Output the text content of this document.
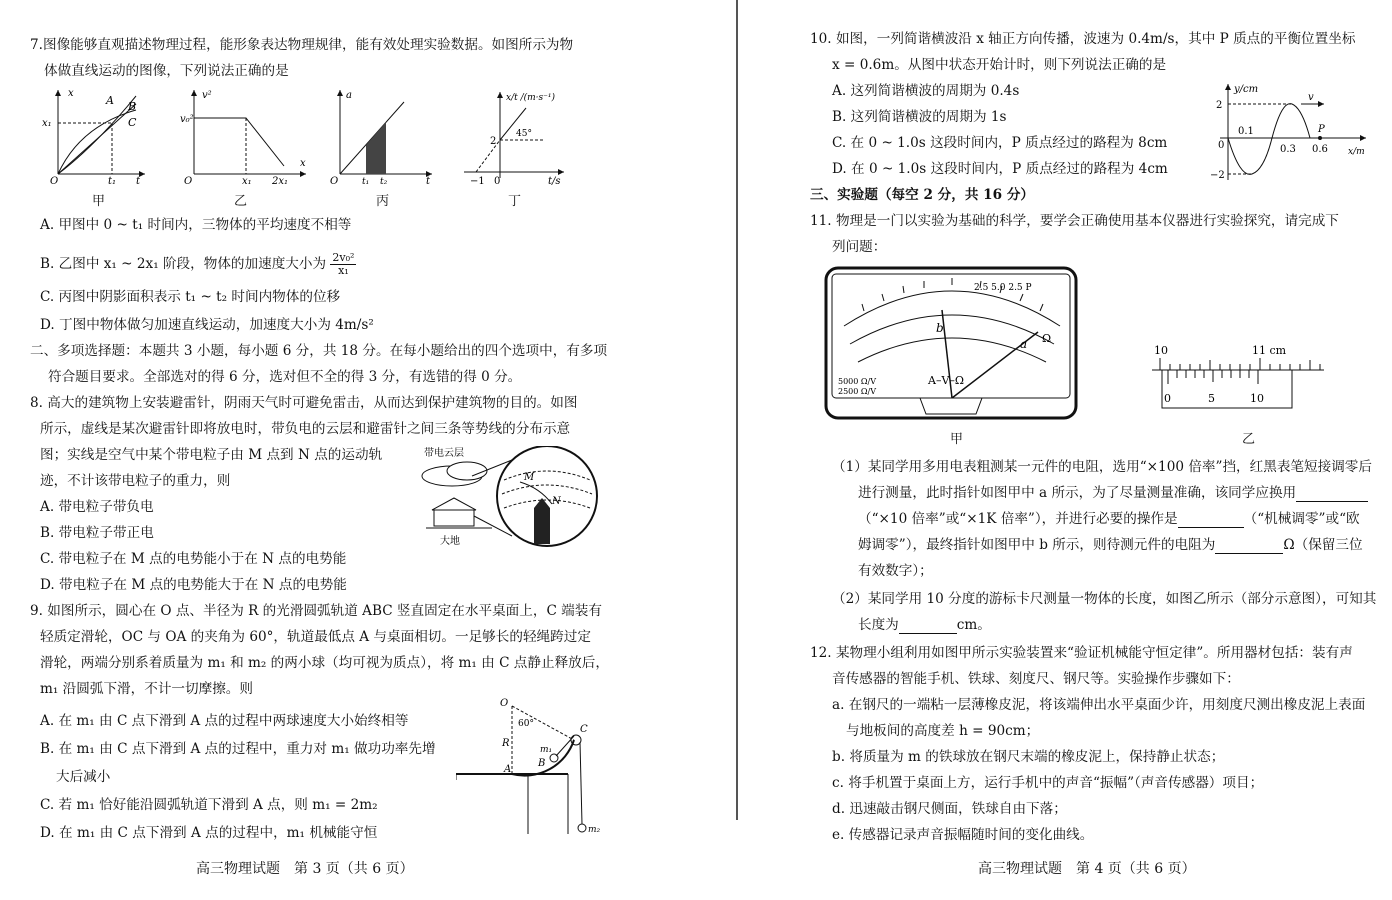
7.图像能够直观描述物理过程，能形象表达物理规律，能有效处理实验数据。如图所示为物
体做直线运动的图像，下列说法正确的是
x
A B
C
x₁
t₁ t
O
甲
v²
v₀²
x₁ 2x₁
x
O
乙
a
t₁ t₂	t
O
丙
x/t /(m·s⁻¹)
2
45°
−1 0	t/s
丁
A. 甲图中 0 ~ t₁ 时间内，三物体的平均速度不相等
B. 乙图中 x₁ ~ 2x₁ 阶段，物体的加速度大小为 $\frac{\text{2v₀²}}{\text{x₁}}$
C. 丙图中阴影面积表示 t₁ ~ t₂ 时间内物体的位移
D. 丁图中物体做匀加速直线运动，加速度大小为 4m/s²
二、多项选择题：本题共 3 小题，每小题 6 分，共 18 分。在每小题给出的四个选项中，有多项
符合题目要求。全部选对的得 6 分，选对但不全的得 3 分，有选错的得 0 分。
8. 高大的建筑物上安装避雷针，阴雨天气时可避免雷击，从而达到保护建筑物的目的。如图
所示，虚线是某次避雷针即将放电时，带负电的云层和避雷针之间三条等势线的分布示意
图；实线是空气中某个带电粒子由 M 点到 N 点的运动轨
迹，不计该带电粒子的重力，则
A. 带电粒子带负电
B. 带电粒子带正电
C. 带电粒子在 M 点的电势能小于在 N 点的电势能
D. 带电粒子在 M 点的电势能大于在 N 点的电势能
带电云层
大地
M
N
9. 如图所示，圆心在 O 点、半径为 R 的光滑圆弧轨道 ABC 竖直固定在水平桌面上，C 端装有
轻质定滑轮，OC 与 OA 的夹角为 60°，轨道最低点 A 与桌面相切。一足够长的轻绳跨过定
滑轮，两端分别系着质量为 m₁ 和 m₂ 的两小球（均可视为质点），将 m₁ 由 C 点静止释放后，
m₁ 沿圆弧下滑，不计一切摩擦。则
A. 在 m₁ 由 C 点下滑到 A 点的过程中两球速度大小始终相等
B. 在 m₁ 由 C 点下滑到 A 点的过程中，重力对 m₁ 做功功率先增
大后减小
C. 若 m₁ 恰好能沿圆弧轨道下滑到 A 点，则 m₁ = 2m₂
D. 在 m₁ 由 C 点下滑到 A 点的过程中，m₁ 机械能守恒
O
60°
R
C
m₁
B
A
m₂
高三物理试题　第 3 页（共 6 页）
10. 如图，一列简谐横波沿 x 轴正方向传播，波速为 0.4m/s，其中 P 质点的平衡位置坐标
x = 0.6m。从图中状态开始计时，则下列说法正确的是
A. 这列简谐横波的周期为 0.4s
B. 这列简谐横波的周期为 1s
C. 在 0 ~ 1.0s 这段时间内，P 质点经过的路程为 8cm
D. 在 0 ~ 1.0s 这段时间内，P 质点经过的路程为 4cm
y/cm
x/m
v
P
2
−2
0
0.1
0.3 0.6
三、实验题（每空 2 分，共 16 分）
11. 物理是一门以实验为基础的科学，要学会正确使用基本仪器进行实验探究，请完成下
列问题：
b
a Ω
2.5 5.0 2.5 P
A–V–Ω
5000 Ω/V
2500 Ω/V
甲
10	11 cm
0	5	10
乙
（1）某同学用多用电表粗测某一元件的电阻，选用“×100 倍率”挡，红黑表笔短接调零后
进行测量，此时指针如图甲中 a 所示，为了尽量测量准确，该同学应换用
（“×10 倍率”或“×1K 倍率”），并进行必要的操作是	（“机械调零”或“欧
姆调零”），最终指针如图甲中 b 所示，则待测元件的电阻为	Ω（保留三位
有效数字）；
（2）某同学用 10 分度的游标卡尺测量一物体的长度，如图乙所示（部分示意图），可知其
长度为	cm。
12. 某物理小组利用如图甲所示实验装置来“验证机械能守恒定律”。所用器材包括：装有声
音传感器的智能手机、铁球、刻度尺、钢尺等。实验操作步骤如下：
a. 在钢尺的一端粘一层薄橡皮泥，将该端伸出水平桌面少许，用刻度尺测出橡皮泥上表面
与地板间的高度差 h = 90cm；
b. 将质量为 m 的铁球放在钢尺末端的橡皮泥上，保持静止状态；
c. 将手机置于桌面上方，运行手机中的声音“振幅”（声音传感器）项目；
d. 迅速敲击钢尺侧面，铁球自由下落；
e. 传感器记录声音振幅随时间的变化曲线。
高三物理试题　第 4 页（共 6 页）
